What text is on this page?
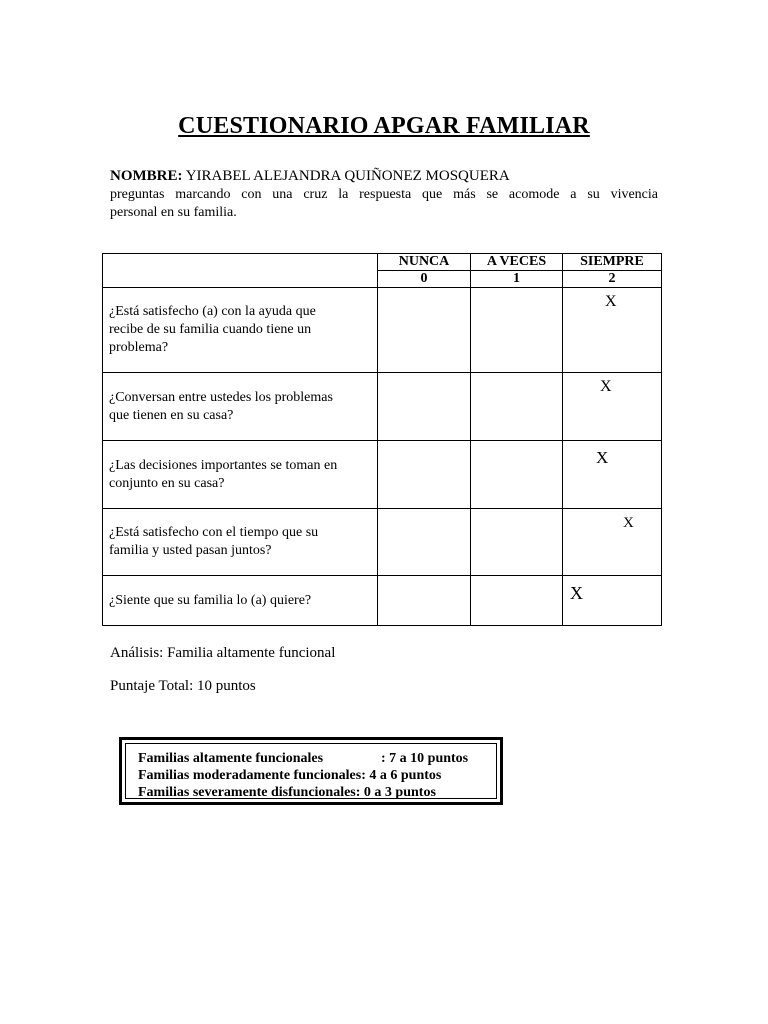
CUESTIONARIO APGAR FAMILIAR
NOMBRE: YIRABEL ALEJANDRA QUIÑONEZ MOSQUERA
preguntas marcando con una cruz la respuesta que más se acomode a su vivencia
personal en su familia.
	NUNCA	A VECES	SIEMPRE
	0	1	2

¿Está satisfecho (a) con la ayuda que
recibe de su familia cuando tiene un
problema?			X

¿Conversan entre ustedes los problemas
que tienen en su casa?			X

¿Las decisiones importantes se toman en
conjunto en su casa?			X

¿Está satisfecho con el tiempo que su
familia y usted pasan juntos?			X

¿Siente que su familia lo (a) quiere?			X
Análisis: Familia altamente funcional
Puntaje Total: 10 puntos
Familias altamente funcionales	: 7 a 10 puntos
Familias moderadamente funcionales: 4 a 6 puntos
Familias severamente disfuncionales: 0 a 3 puntos
